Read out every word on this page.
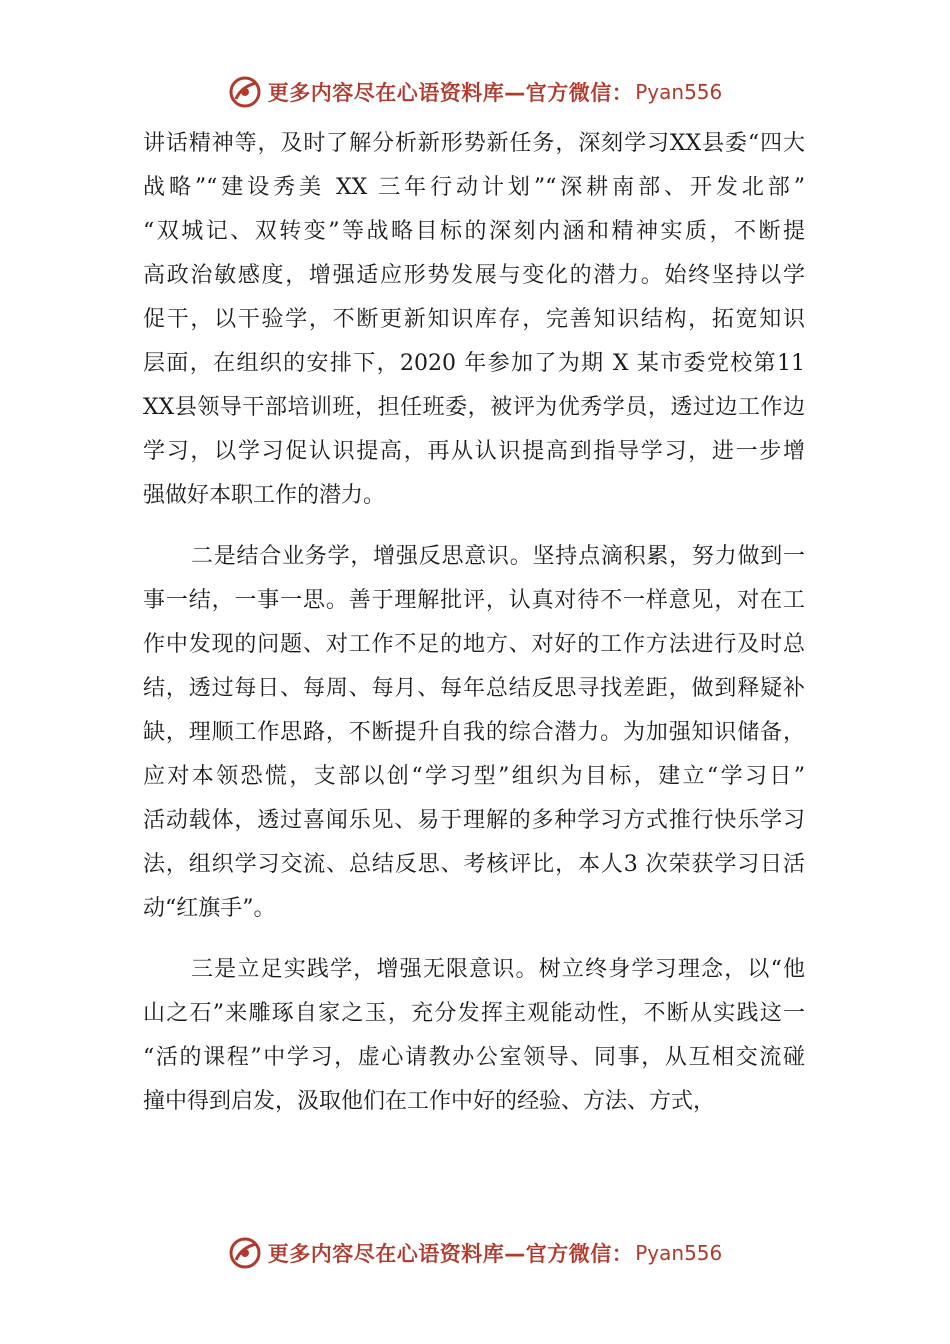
更多内容尽在心语资料库—官方微信： Pyan556
讲话精神等，及时了解分析新形势新任务，深刻学习XX县委“四大
战略”“建设秀美 XX 三年行动计划”“深耕南部、开发北部”
“双城记、双转变”等战略目标的深刻内涵和精神实质，不断提
高政治敏感度，增强适应形势发展与变化的潜力。始终坚持以学
促干，以干验学，不断更新知识库存，完善知识结构，拓宽知识
层面，在组织的安排下，2020 年参加了为期 X 某市委党校第11
XX县领导干部培训班，担任班委，被评为优秀学员，透过边工作边
学习，以学习促认识提高，再从认识提高到指导学习，进一步增
强做好本职工作的潜力。
二是结合业务学，增强反思意识。坚持点滴积累，努力做到一
事一结，一事一思。善于理解批评，认真对待不一样意见，对在工
作中发现的问题、对工作不足的地方、对好的工作方法进行及时总
结，透过每日、每周、每月、每年总结反思寻找差距，做到释疑补
缺，理顺工作思路，不断提升自我的综合潜力。为加强知识储备，
应对本领恐慌，支部以创“学习型”组织为目标，建立“学习日”
活动载体，透过喜闻乐见、易于理解的多种学习方式推行快乐学习
法，组织学习交流、总结反思、考核评比，本人3 次荣获学习日活
动“红旗手”。
三是立足实践学，增强无限意识。树立终身学习理念，以“他
山之石”来雕琢自家之玉，充分发挥主观能动性，不断从实践这一
“活的课程”中学习，虚心请教办公室领导、同事，从互相交流碰
撞中得到启发，汲取他们在工作中好的经验、方法、方式，
更多内容尽在心语资料库—官方微信： Pyan556
